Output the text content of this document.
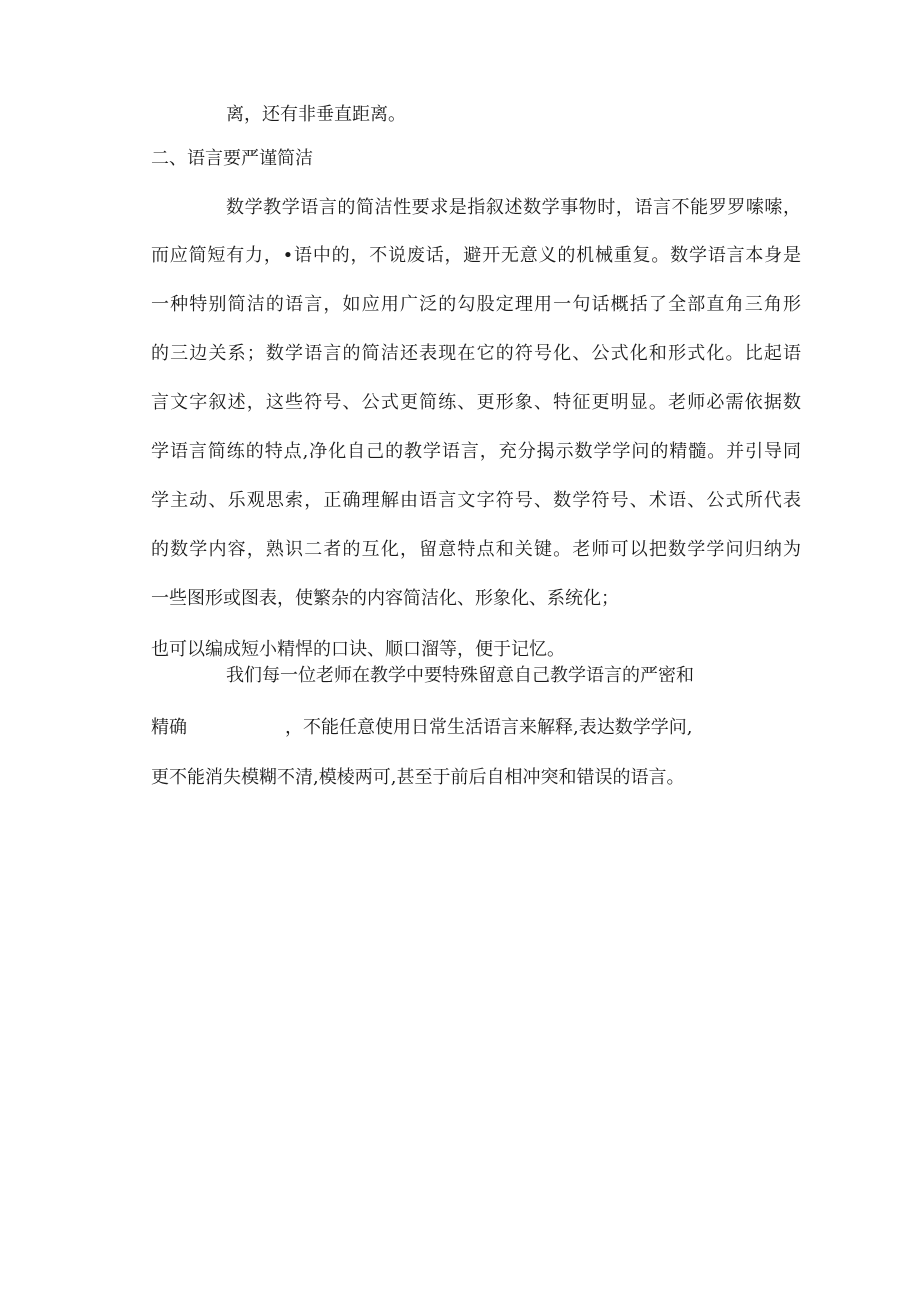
离，还有非垂直距离。
二、语言要严谨简洁
数学教学语言的简洁性要求是指叙述数学事物时，语言不能罗罗嗦嗦，
而应简短有力，•语中的，不说废话，避开无意义的机械重复。数学语言本身是
一种特别简洁的语言，如应用广泛的勾股定理用一句话概括了全部直角三角形
的三边关系；数学语言的简洁还表现在它的符号化、公式化和形式化。比起语
言文字叙述，这些符号、公式更简练、更形象、特征更明显。老师必需依据数
学语言简练的特点,净化自己的教学语言，充分揭示数学学问的精髓。并引导同
学主动、乐观思索，正确理解由语言文字符号、数学符号、术语、公式所代表
的数学内容，熟识二者的互化，留意特点和关键。老师可以把数学学问归纳为
一些图形或图表，使繁杂的内容简洁化、形象化、系统化；
也可以编成短小精悍的口诀、顺口溜等，便于记忆。
我们每一位老师在教学中要特殊留意自己教学语言的严密和
精确	，不能任意使用日常生活语言来解释,表达数学学问,
更不能消失模糊不清,模棱两可,甚至于前后自相冲突和错误的语言。
